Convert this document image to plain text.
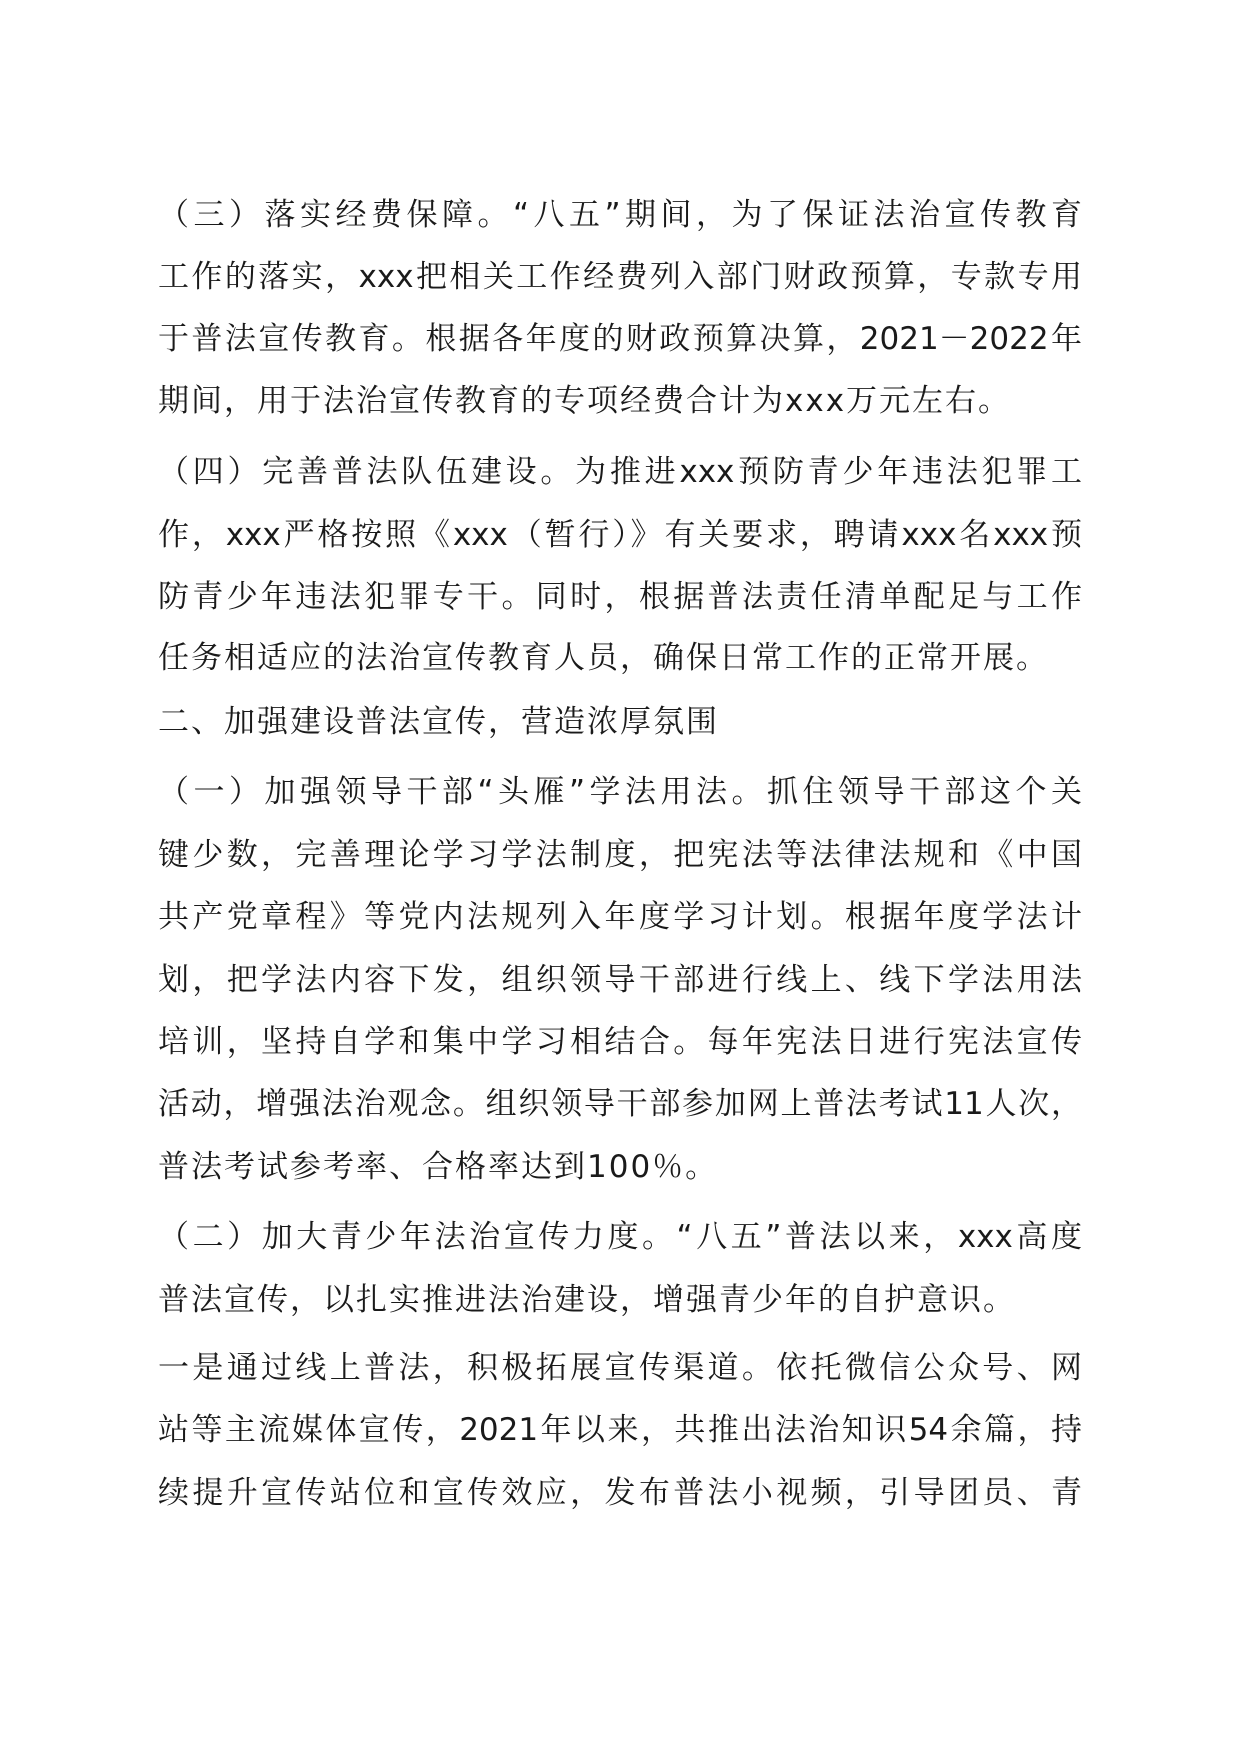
（三）落实经费保障。“八五”期间，为了保证法治宣传教育
工作的落实，xxx把相关工作经费列入部门财政预算，专款专用
于普法宣传教育。根据各年度的财政预算决算，2021－2022年
期间，用于法治宣传教育的专项经费合计为xxx万元左右。
（四）完善普法队伍建设。为推进xxx预防青少年违法犯罪工
作，xxx严格按照《xxx（暂行）》有关要求，聘请xxx名xxx预
防青少年违法犯罪专干。同时，根据普法责任清单配足与工作
任务相适应的法治宣传教育人员，确保日常工作的正常开展。
二、加强建设普法宣传，营造浓厚氛围
（一）加强领导干部“头雁”学法用法。抓住领导干部这个关
键少数，完善理论学习学法制度，把宪法等法律法规和《中国
共产党章程》等党内法规列入年度学习计划。根据年度学法计
划，把学法内容下发，组织领导干部进行线上、线下学法用法
培训，坚持自学和集中学习相结合。每年宪法日进行宪法宣传
活动，增强法治观念。组织领导干部参加网上普法考试11人次，
普法考试参考率、合格率达到100％。
（二）加大青少年法治宣传力度。“八五”普法以来，xxx高度
普法宣传，以扎实推进法治建设，增强青少年的自护意识。
一是通过线上普法，积极拓展宣传渠道。依托微信公众号、网
站等主流媒体宣传，2021年以来，共推出法治知识54余篇，持
续提升宣传站位和宣传效应，发布普法小视频，引导团员、青
